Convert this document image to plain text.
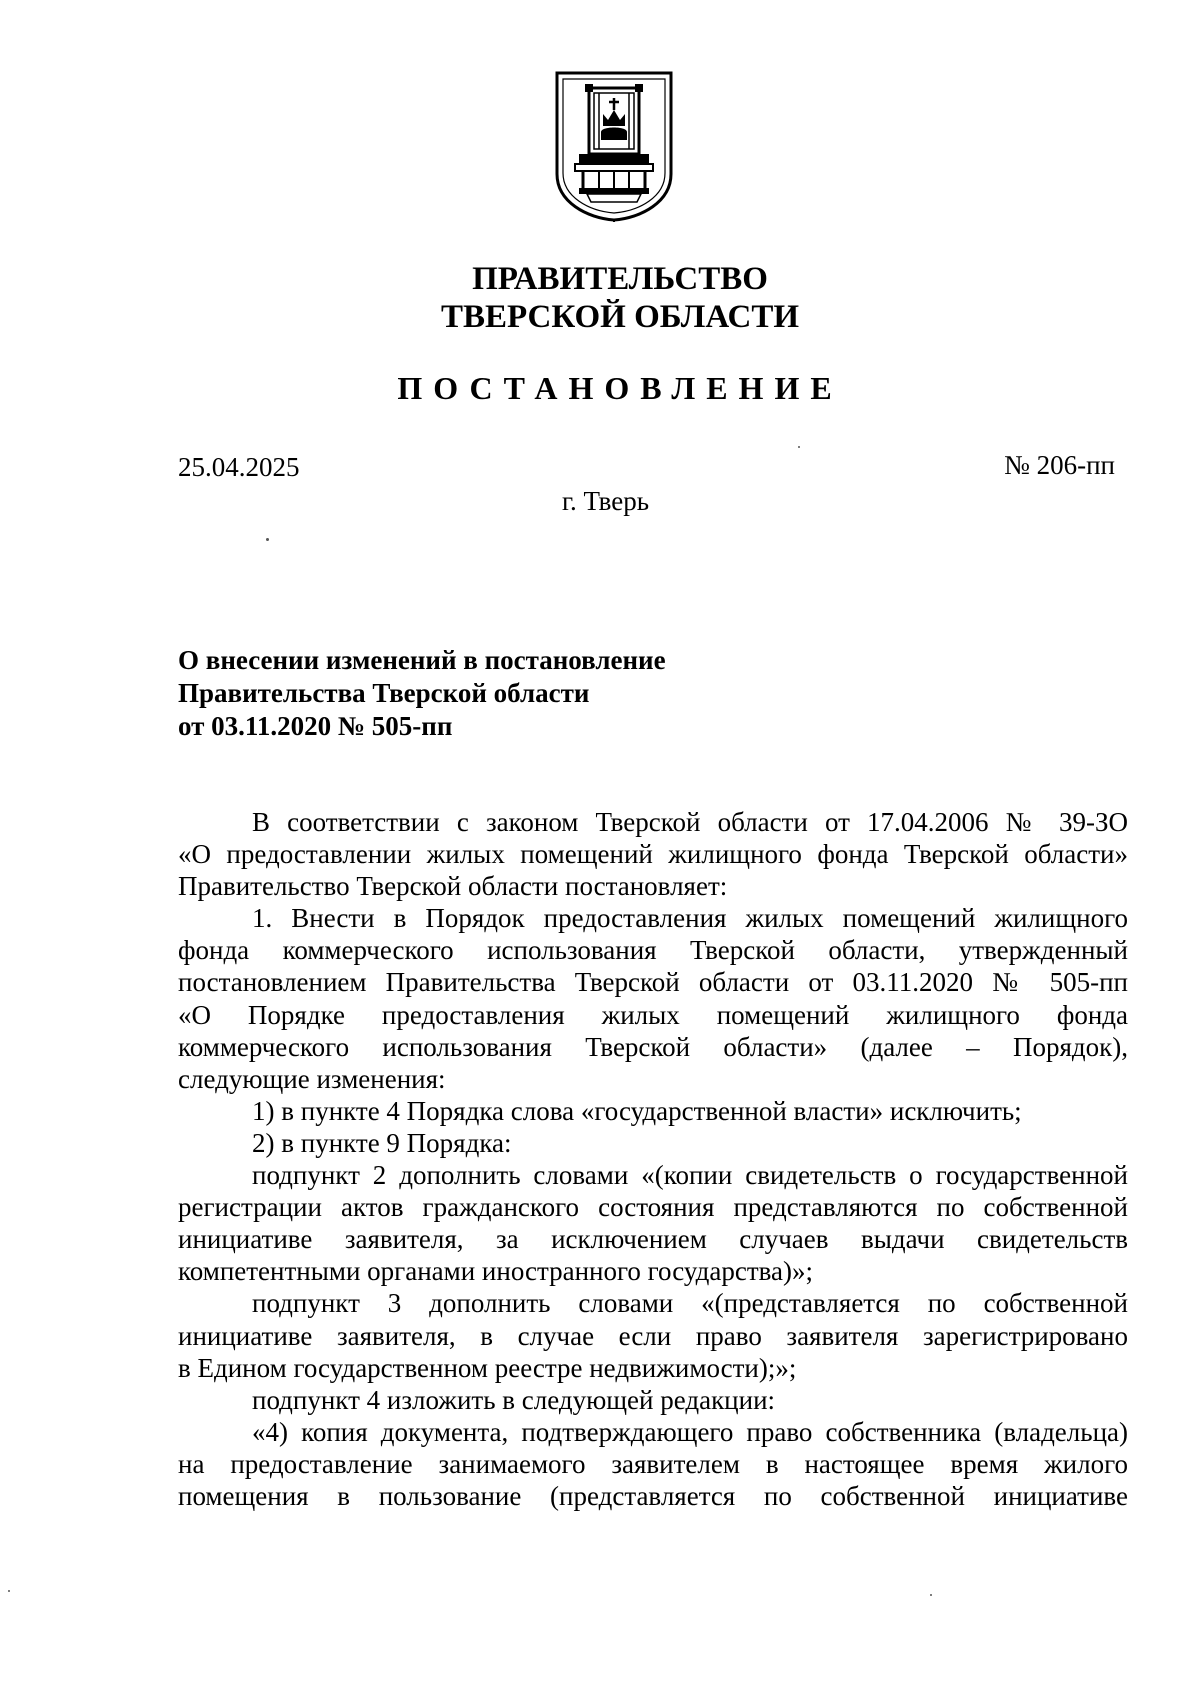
ПРАВИТЕЛЬСТВО
ТВЕРСКОЙ ОБЛАСТИ
ПОСТАНОВЛЕНИЕ
25.04.2025	№ 206-пп
г. Тверь
О внесении изменений в постановление
Правительства Тверской области
от 03.11.2020 № 505-пп
В соответствии с законом Тверской области от 17.04.2006 № 39-ЗО
«О предоставлении жилых помещений жилищного фонда Тверской области»
Правительство Тверской области постановляет:
1. Внести в Порядок предоставления жилых помещений жилищного
фонда коммерческого использования Тверской области, утвержденный
постановлением Правительства Тверской области от 03.11.2020 № 505-пп
«О Порядке предоставления жилых помещений жилищного фонда
коммерческого использования Тверской области» (далее – Порядок),
следующие изменения:
1) в пункте 4 Порядка слова «государственной власти» исключить;
2) в пункте 9 Порядка:
подпункт 2 дополнить словами «(копии свидетельств о государственной
регистрации актов гражданского состояния представляются по собственной
инициативе заявителя, за исключением случаев выдачи свидетельств
компетентными органами иностранного государства)»;
подпункт 3 дополнить словами «(представляется по собственной
инициативе заявителя, в случае если право заявителя зарегистрировано
в Едином государственном реестре недвижимости);»;
подпункт 4 изложить в следующей редакции:
«4) копия документа, подтверждающего право собственника (владельца)
на предоставление занимаемого заявителем в настоящее время жилого
помещения в пользование (представляется по собственной инициативе
